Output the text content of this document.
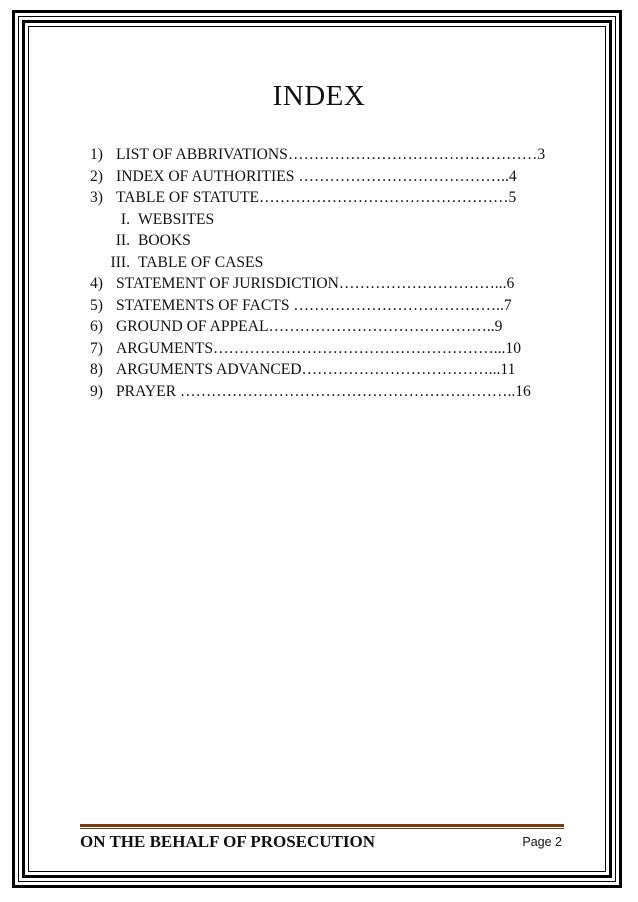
INDEX
1) LIST OF ABBRIVATIONS…………………………………………3
2) INDEX OF AUTHORITIES …………………………………..4
3) TABLE OF STATUTE…………………………………………5
I. WEBSITES
II. BOOKS
III. TABLE OF CASES
4) STATEMENT OF JURISDICTION…………………………...6
5) STATEMENTS OF FACTS …………………………………..7
6) GROUND OF APPEAL……………………………………..9
7) ARGUMENTS………………………………………………...10
8) ARGUMENTS ADVANCED………………………………...11
9) PRAYER ………………………………………………………..16
ON THE BEHALF OF PROSECUTION	Page 2
